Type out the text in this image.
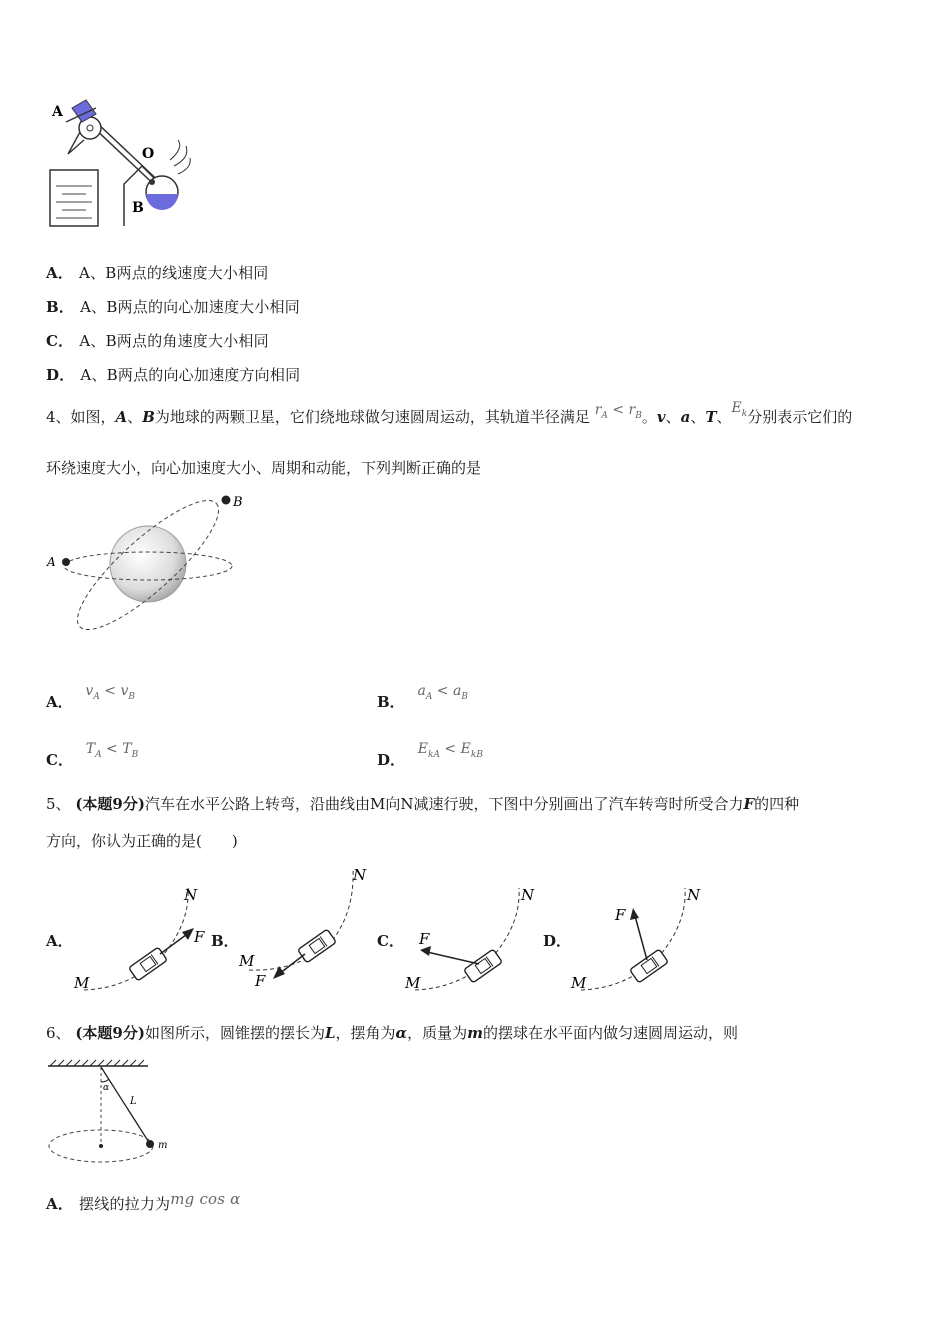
A
O
B
A． A、B两点的线速度大小相同
B． A、B两点的向心加速度大小相同
C． A、B两点的角速度大小相同
D． A、B两点的向心加速度方向相同
4、如图，A、B为地球的两颗卫星，它们绕地球做匀速圆周运动，其轨道半径满足 $r_A < r_B$。v、a、T、$E_k$分别表示它们的
环绕速度大小，向心加速度大小、周期和动能，下列判断正确的是
A
B
A． $v_A < v_B$	B． $a_A < a_B$
C． $T_A < T_B$	D． $E_{kA} < E_{kB}$
5、 (本题9分)汽车在水平公路上转弯，沿曲线由M向N减速行驶，下图中分别画出了汽车转弯时所受合力F的四种
方向，你认为正确的是(　　)
A．
M
N
F B．
M
N
F
C．
M
N
F	D．
M
N
F
6、 (本题9分)如图所示，圆锥摆的摆长为L，摆角为α，质量为m的摆球在水平面内做匀速圆周运动，则
α
L
m
A． 摆线的拉力为mg cos α
